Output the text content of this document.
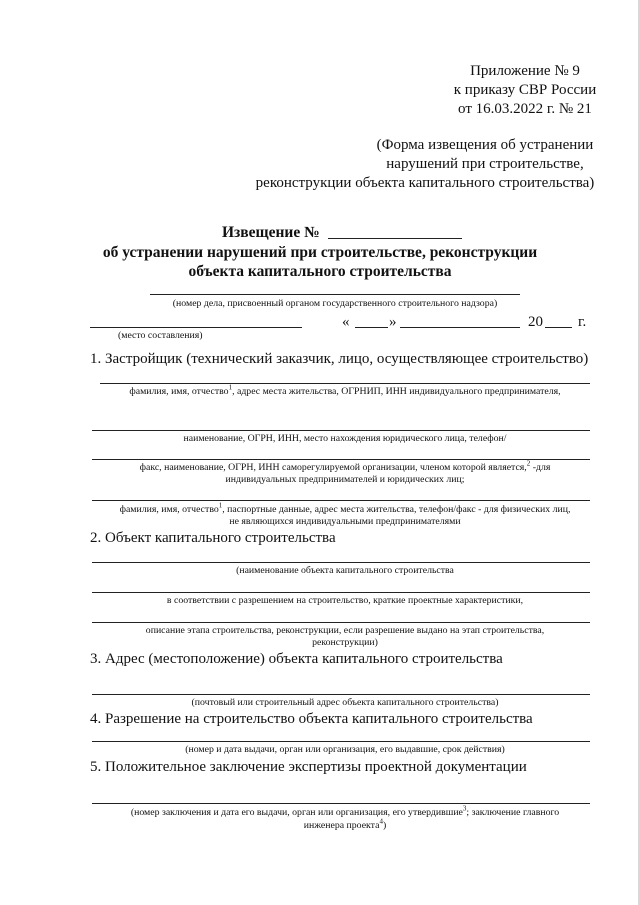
Приложение № 9
к приказу СВР России
от 16.03.2022 г. № 21
(Форма извещения об устранении
нарушений при строительстве,
реконструкции объекта капитального строительства)
Извещение №
об устранении нарушений при строительстве, реконструкции
объекта капитального строительства
(номер дела, присвоенный органом государственного строительного надзора)
«	»	20 г.
(место составления)
1. Застройщик (технический заказчик, лицо, осуществляющее строительство)
фамилия, имя, отчество$^1$, адрес места жительства, ОГРНИП, ИНН индивидуального предпринимателя,
наименование, ОГРН, ИНН, место нахождения юридического лица, телефон/
факс, наименование, ОГРН, ИНН саморегулируемой организации, членом которой является,$^2$ -для
индивидуальных предпринимателей и юридических лиц;
фамилия, имя, отчество$^1$, паспортные данные, адрес места жительства, телефон/факс - для физических лиц,
не являющихся индивидуальными предпринимателями
2. Объект капитального строительства
(наименование объекта капитального строительства
в соответствии с разрешением на строительство, краткие проектные характеристики,
описание этапа строительства, реконструкции, если разрешение выдано на этап строительства,
реконструкции)
3. Адрес (местоположение) объекта капитального строительства
(почтовый или строительный адрес объекта капитального строительства)
4. Разрешение на строительство объекта капитального строительства
(номер и дата выдачи, орган или организация, его выдавшие, срок действия)
5. Положительное заключение экспертизы проектной документации
(номер заключения и дата его выдачи, орган или организация, его утвердившие$^3$; заключение главного
инженера проекта$^4$)
